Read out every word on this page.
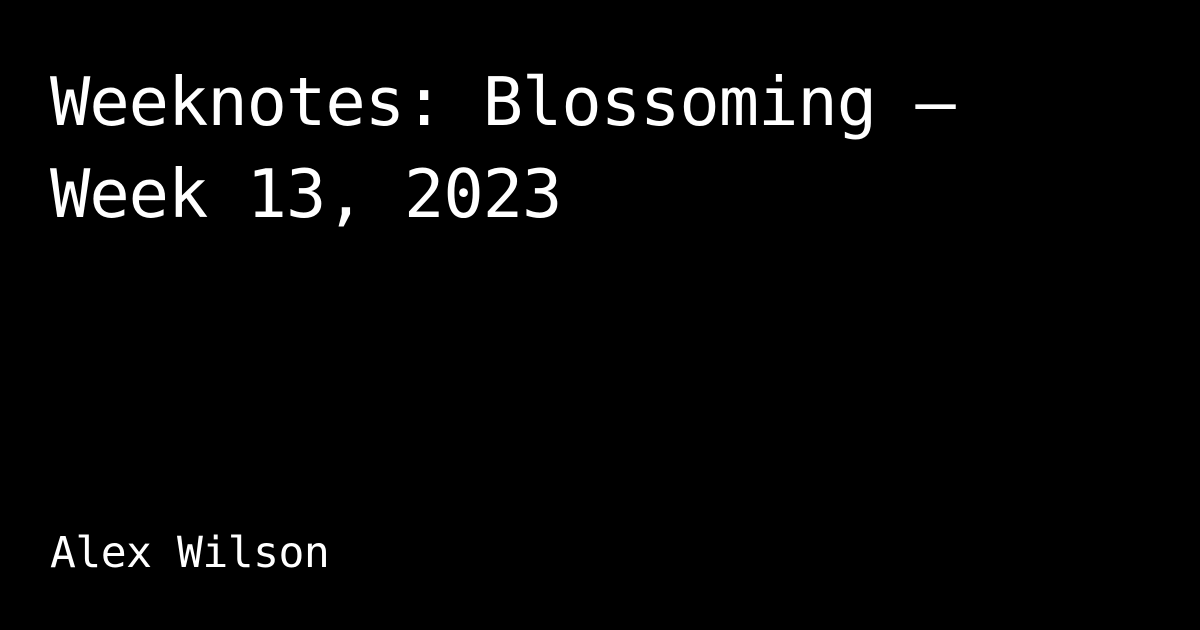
Weeknotes: Blossoming — Week 13, 2023

Alex Wilson
